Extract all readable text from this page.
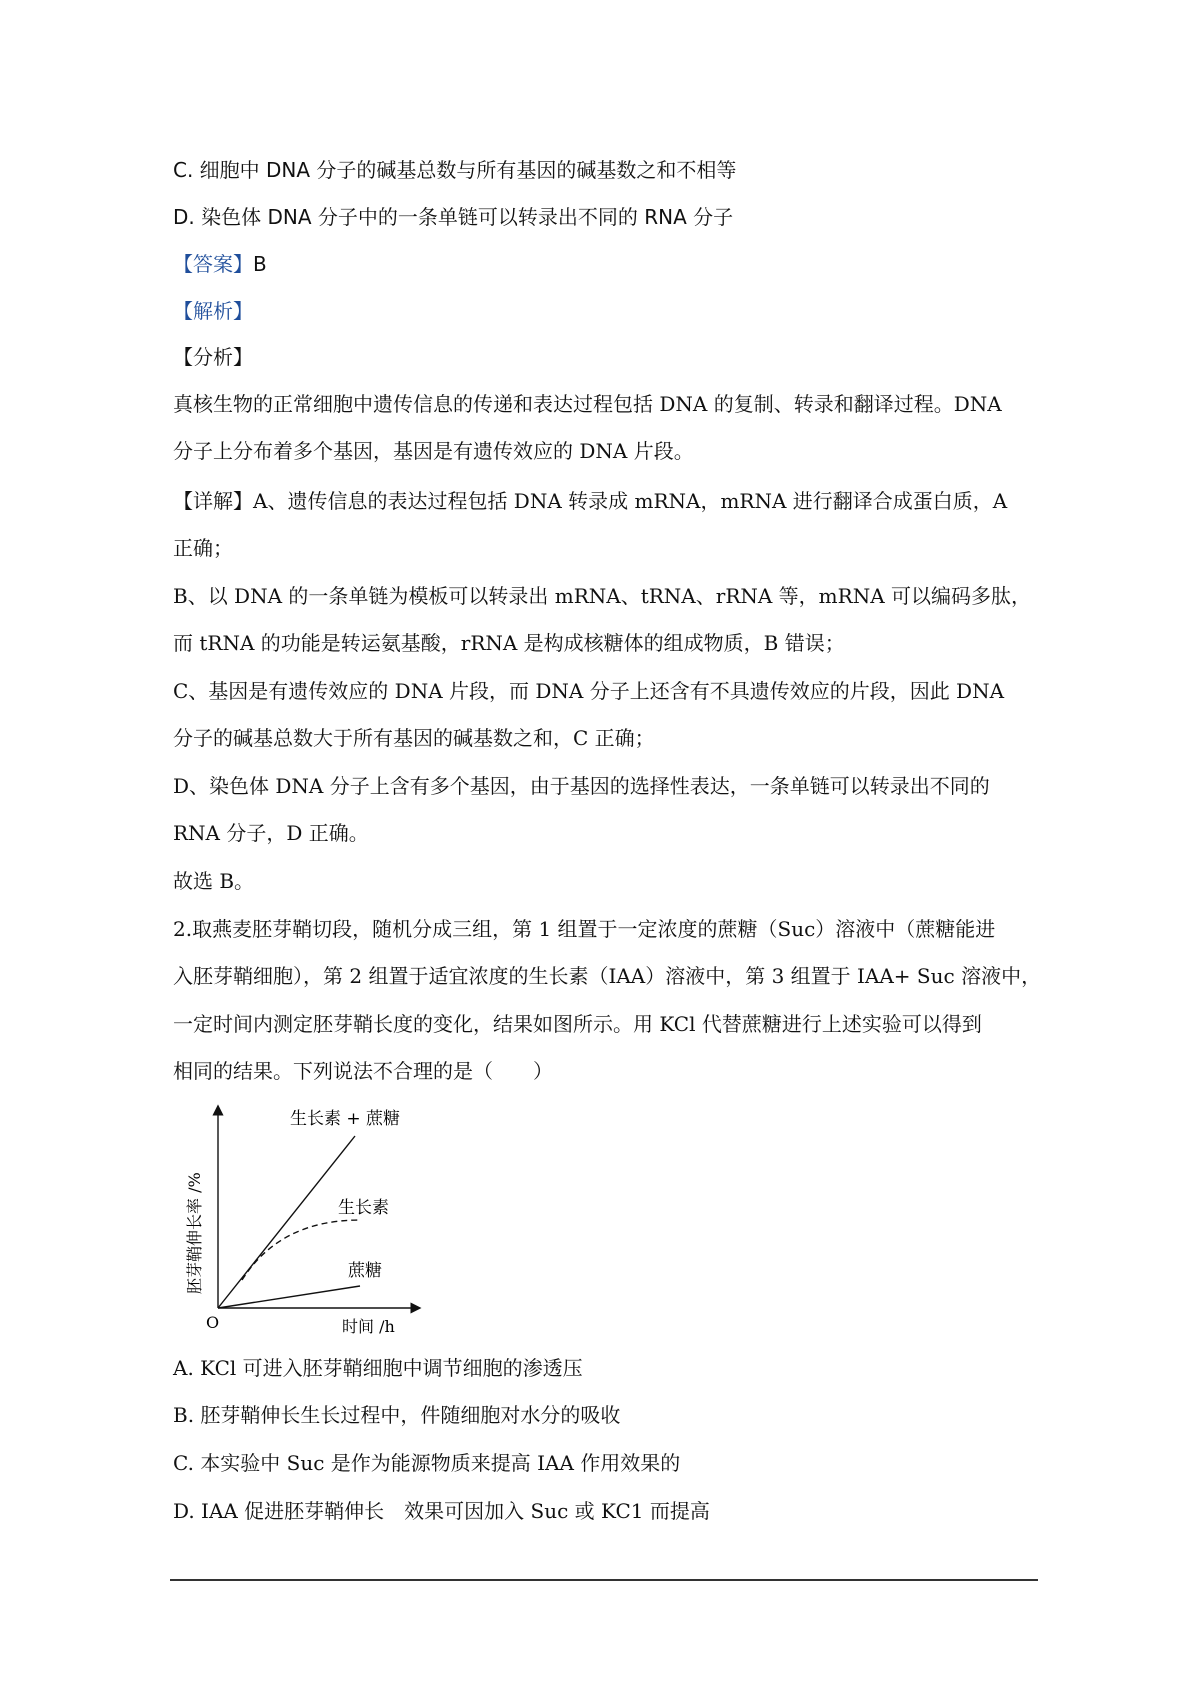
C. 细胞中 DNA 分子的碱基总数与所有基因的碱基数之和不相等
D. 染色体 DNA 分子中的一条单链可以转录出不同的 RNA 分子
【答案】B
【解析】
【分析】
真核生物的正常细胞中遗传信息的传递和表达过程包括 DNA 的复制、转录和翻译过程。DNA
分子上分布着多个基因，基因是有遗传效应的 DNA 片段。
【详解】A、遗传信息的表达过程包括 DNA 转录成 mRNA，mRNA 进行翻译合成蛋白质，A
正确；
B、以 DNA 的一条单链为模板可以转录出 mRNA、tRNA、rRNA 等，mRNA 可以编码多肽，
而 tRNA 的功能是转运氨基酸，rRNA 是构成核糖体的组成物质，B 错误；
C、基因是有遗传效应的 DNA 片段，而 DNA 分子上还含有不具遗传效应的片段，因此 DNA
分子的碱基总数大于所有基因的碱基数之和，C 正确；
D、染色体 DNA 分子上含有多个基因，由于基因的选择性表达，一条单链可以转录出不同的
RNA 分子，D 正确。
故选 B。
2.取燕麦胚芽鞘切段，随机分成三组，第 1 组置于一定浓度的蔗糖（Suc）溶液中（蔗糖能进
入胚芽鞘细胞），第 2 组置于适宜浓度的生长素（IAA）溶液中，第 3 组置于 IAA+ Suc 溶液中，
一定时间内测定胚芽鞘长度的变化，结果如图所示。用 KCl 代替蔗糖进行上述实验可以得到
相同的结果。下列说法不合理的是（　　）
A. KCl 可进入胚芽鞘细胞中调节细胞的渗透压
B. 胚芽鞘伸长生长过程中，件随细胞对水分的吸收
C. 本实验中 Suc 是作为能源物质来提高 IAA 作用效果的
D. IAA 促进胚芽鞘伸长　效果可因加入 Suc 或 KC1 而提高
生长素 + 蔗糖
生长素
蔗糖
O	时间 /h
胚芽鞘伸长率 /%
